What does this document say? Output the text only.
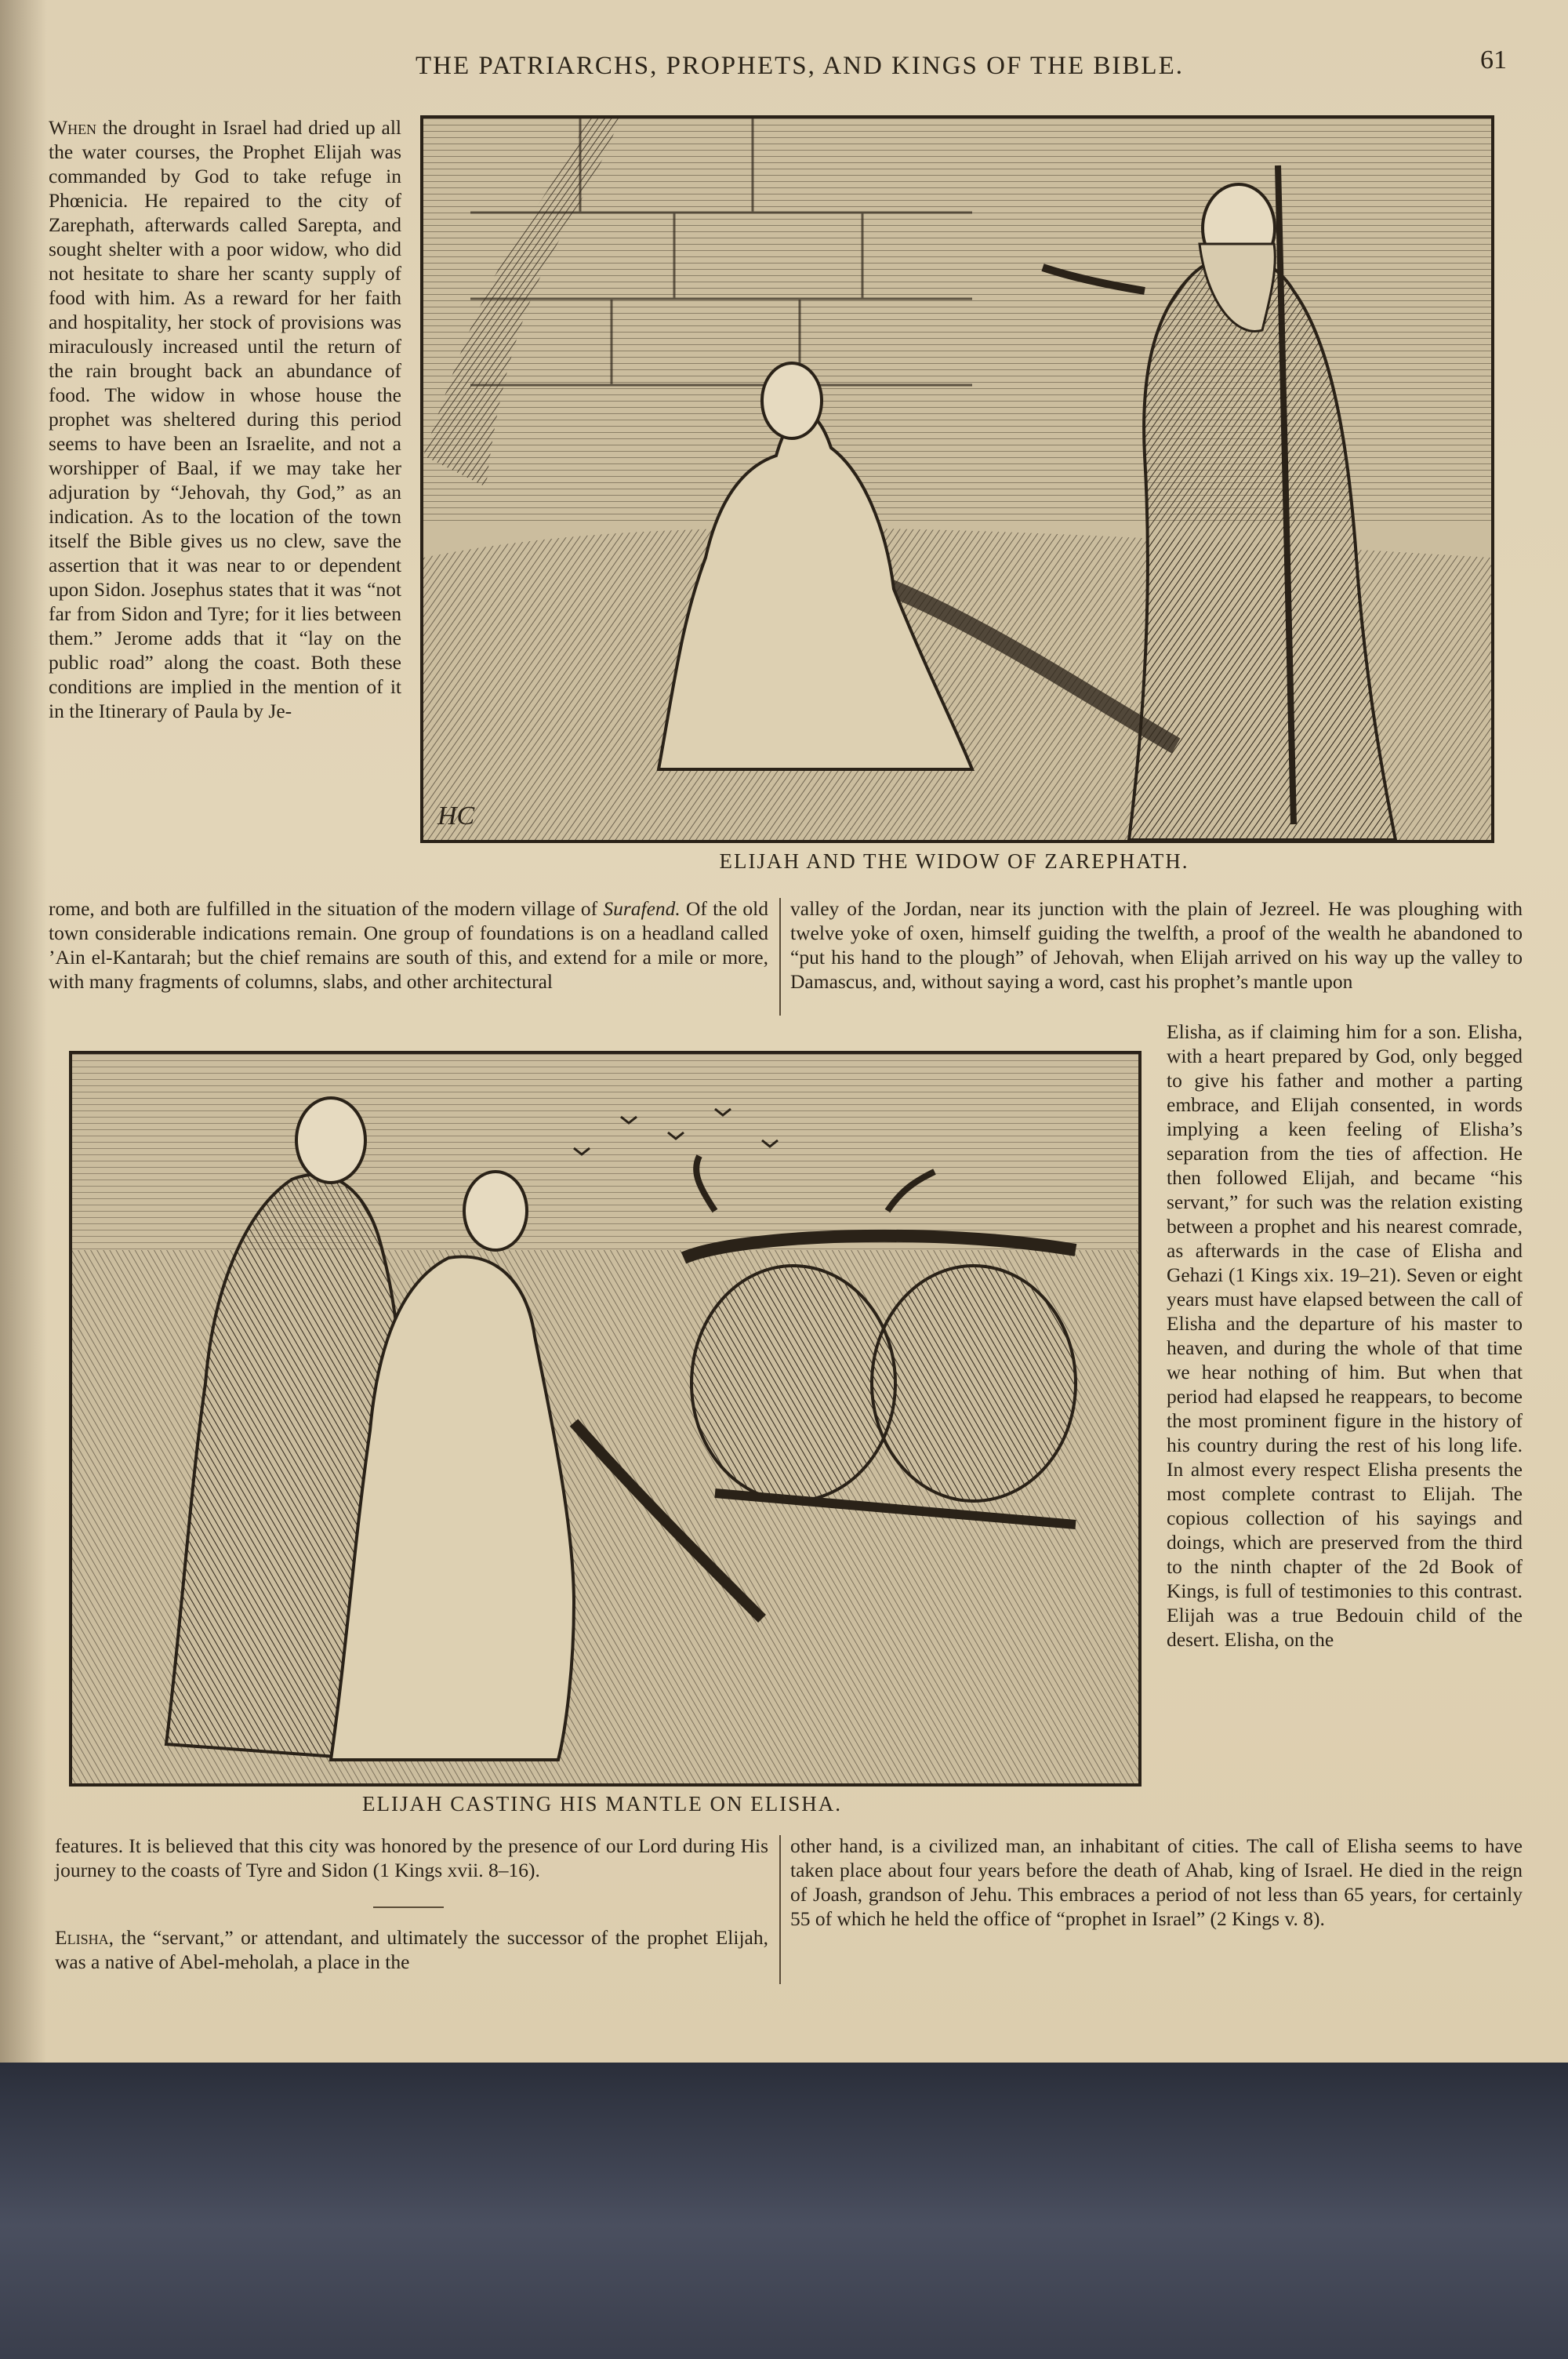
THE PATRIARCHS, PROPHETS, AND KINGS OF THE BIBLE.	61
HC

When the drought in Israel had dried up all the water courses, the Prophet Elijah was commanded by God to take refuge in Phœnicia. He repaired to the city of Zarephath, afterwards called Sarepta, and sought shelter with a poor widow, who did not hesitate to share her scanty supply of food with him. As a reward for her faith and hospitality, her stock of provisions was miraculously increased until the return of the rain brought back an abundance of food. The widow in whose house the prophet was sheltered during this period seems to have been an Israelite, and not a worshipper of Baal, if we may take her adjuration by “Jehovah, thy God,” as an indication. As to the location of the town itself the Bible gives us no clew, save the assertion that it was near to or dependent upon Sidon. Josephus states that it was “not far from Sidon and Tyre; for it lies between them.” Jerome adds that it “lay on the public road” along the coast. Both these conditions are implied in the mention of it in the Itinerary of Paula by Je-

ELIJAH AND THE WIDOW OF ZAREPHATH.

rome, and both are fulfilled in the situation of the modern village of Surafend. Of the old town considerable indications remain. One group of foundations is on a headland called ’Ain el-Kantarah; but the chief remains are south of this, and extend for a mile or more, with many fragments of columns, slabs, and other architectural

valley of the Jordan, near its junction with the plain of Jezreel. He was ploughing with twelve yoke of oxen, himself guiding the twelfth, a proof of the wealth he abandoned to “put his hand to the plough” of Jehovah, when Elijah arrived on his way up the valley to Damascus, and, without saying a word, cast his prophet’s mantle upon

Elisha, as if claiming him for a son. Elisha, with a heart prepared by God, only begged to give his father and mother a parting embrace, and Elijah consented, in words implying a keen feeling of Elisha’s separation from the ties of affection. He then followed Elijah, and became “his servant,” for such was the relation existing between a prophet and his nearest comrade, as afterwards in the case of Elisha and Gehazi (1 Kings xix. 19–21). Seven or eight years must have elapsed between the call of Elisha and the departure of his master to heaven, and during the whole of that time we hear nothing of him. But when that period had elapsed he reappears, to become the most prominent figure in the history of his country during the rest of his long life. In almost every respect Elisha presents the most complete contrast to Elijah. The copious collection of his sayings and doings, which are preserved from the third to the ninth chapter of the 2d Book of Kings, is full of testimonies to this contrast. Elijah was a true Bedouin child of the desert. Elisha, on the

ELIJAH CASTING HIS MANTLE ON ELISHA.

features. It is believed that this city was honored by the presence of our Lord during His journey to the coasts of Tyre and Sidon (1 Kings xvii. 8–16).

Elisha, the “servant,” or attendant, and ultimately the successor of the prophet Elijah, was a native of Abel-meholah, a place in the

other hand, is a civilized man, an inhabitant of cities. The call of Elisha seems to have taken place about four years before the death of Ahab, king of Israel. He died in the reign of Joash, grandson of Jehu. This embraces a period of not less than 65 years, for certainly 55 of which he held the office of “prophet in Israel” (2 Kings v. 8).
